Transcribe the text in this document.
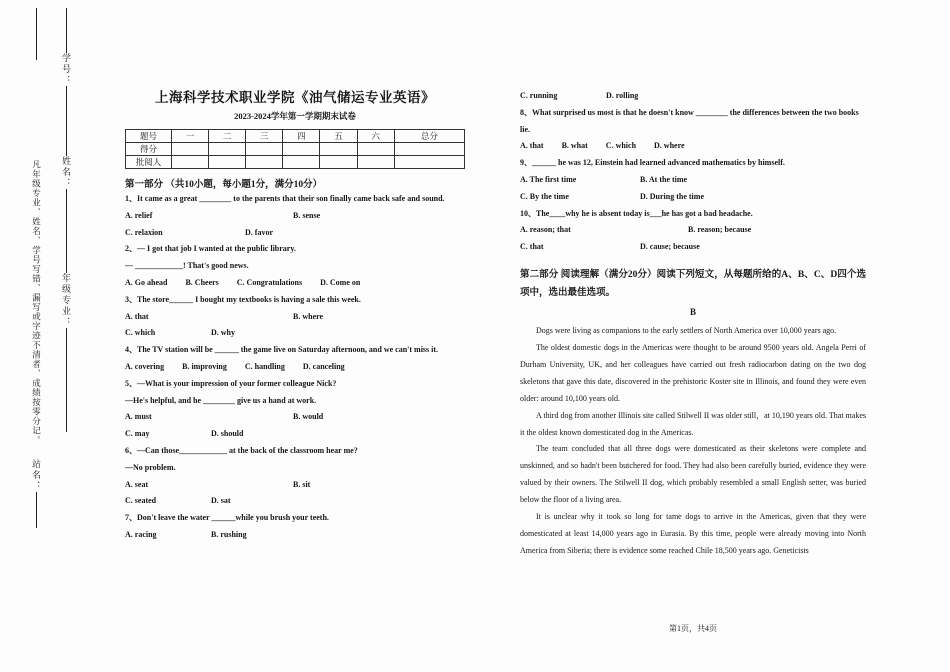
凡年级专业、姓名、学号写错、漏写或字迹不清者、成绩按零分记。
站名：
学号：
姓名：
年级专业：
上海科学技术职业学院《油气储运专业英语》
2023-2024学年第一学期期末试卷
题号	一	二	三	四	五	六	总分
得分							
批阅人							
第一部分 （共10小题，每小题1分，满分10分）
1、It came as a great ________ to the parents that their son finally came back safe and sound.
A. relief	B. sense
C. relaxion	D. favor
2、— I got that job I wanted at the public library.
— ____________! That's good news.
A. Go ahead B. Cheers C. Congratulations D. Come on
3、The store______ I bought my textbooks is having a sale this week.
A. that	B. where
C. which	D. why
4、The TV station will be ______ the game live on Saturday afternoon, and we can't miss it.
A. covering B. improving C. handling D. canceling
5、—What is your impression of your former colleague Nick?
—He's helpful, and he ________ give us a hand at work.
A. must	B. would
C. may	D. should
6、—Can those____________ at the back of the classroom hear me?
—No problem.
A. seat	B. sit
C. seated	D. sat
7、Don't leave the water ______while you brush your teeth.
A. racing	B. rushing
C. running	D. rolling
8、What surprised us most is that he doesn't know ________ the differences between the two books lie.
A. that B. what C. which D. where
9、______ he was 12, Einstein had learned advanced mathematics by himself.
A. The first time	B. At the time
C. By the time	D. During the time
10、The____why he is absent today is___he has got a bad headache.
A. reason; that	B. reason; because
C. that	D. cause; because
第二部分 阅读理解（满分20分）阅读下列短文，从每题所给的A、B、C、D四个选项中，选出最佳选项。
B

Dogs were living as companions to the early settlers of North America over 10,000 years ago.

The oldest domestic dogs in the Americas were thought to be around 9500 years old. Angela Perri of Durham University, UK, and her colleagues have carried out fresh radiocarbon dating on the two dog skeletons that gave this date, discovered in the prehistoric Koster site in Illinois, and found they were even older: around 10,100 years old.

A third dog from another Illinois site called Stilwell II was older still，at 10,190 years old. That makes it the oldest known domesticated dog in the Americas.

The team concluded that all three dogs were domesticated as their skeletons were complete and unskinned, and so hadn't been butchered for food. They had also been carefully buried, evidence they were valued by their owners. The Stilwell II dog, which probably resembled a small English setter, was buried below the floor of a living area.

It is unclear why it took so long for tame dogs to arrive in the Americas, given that they were domesticated at least 14,000 years ago in Eurasia. By this time, people were already moving into North America from Siberia; there is evidence some reached Chile 18,500 years ago. Geneticists

第1页，共4页
